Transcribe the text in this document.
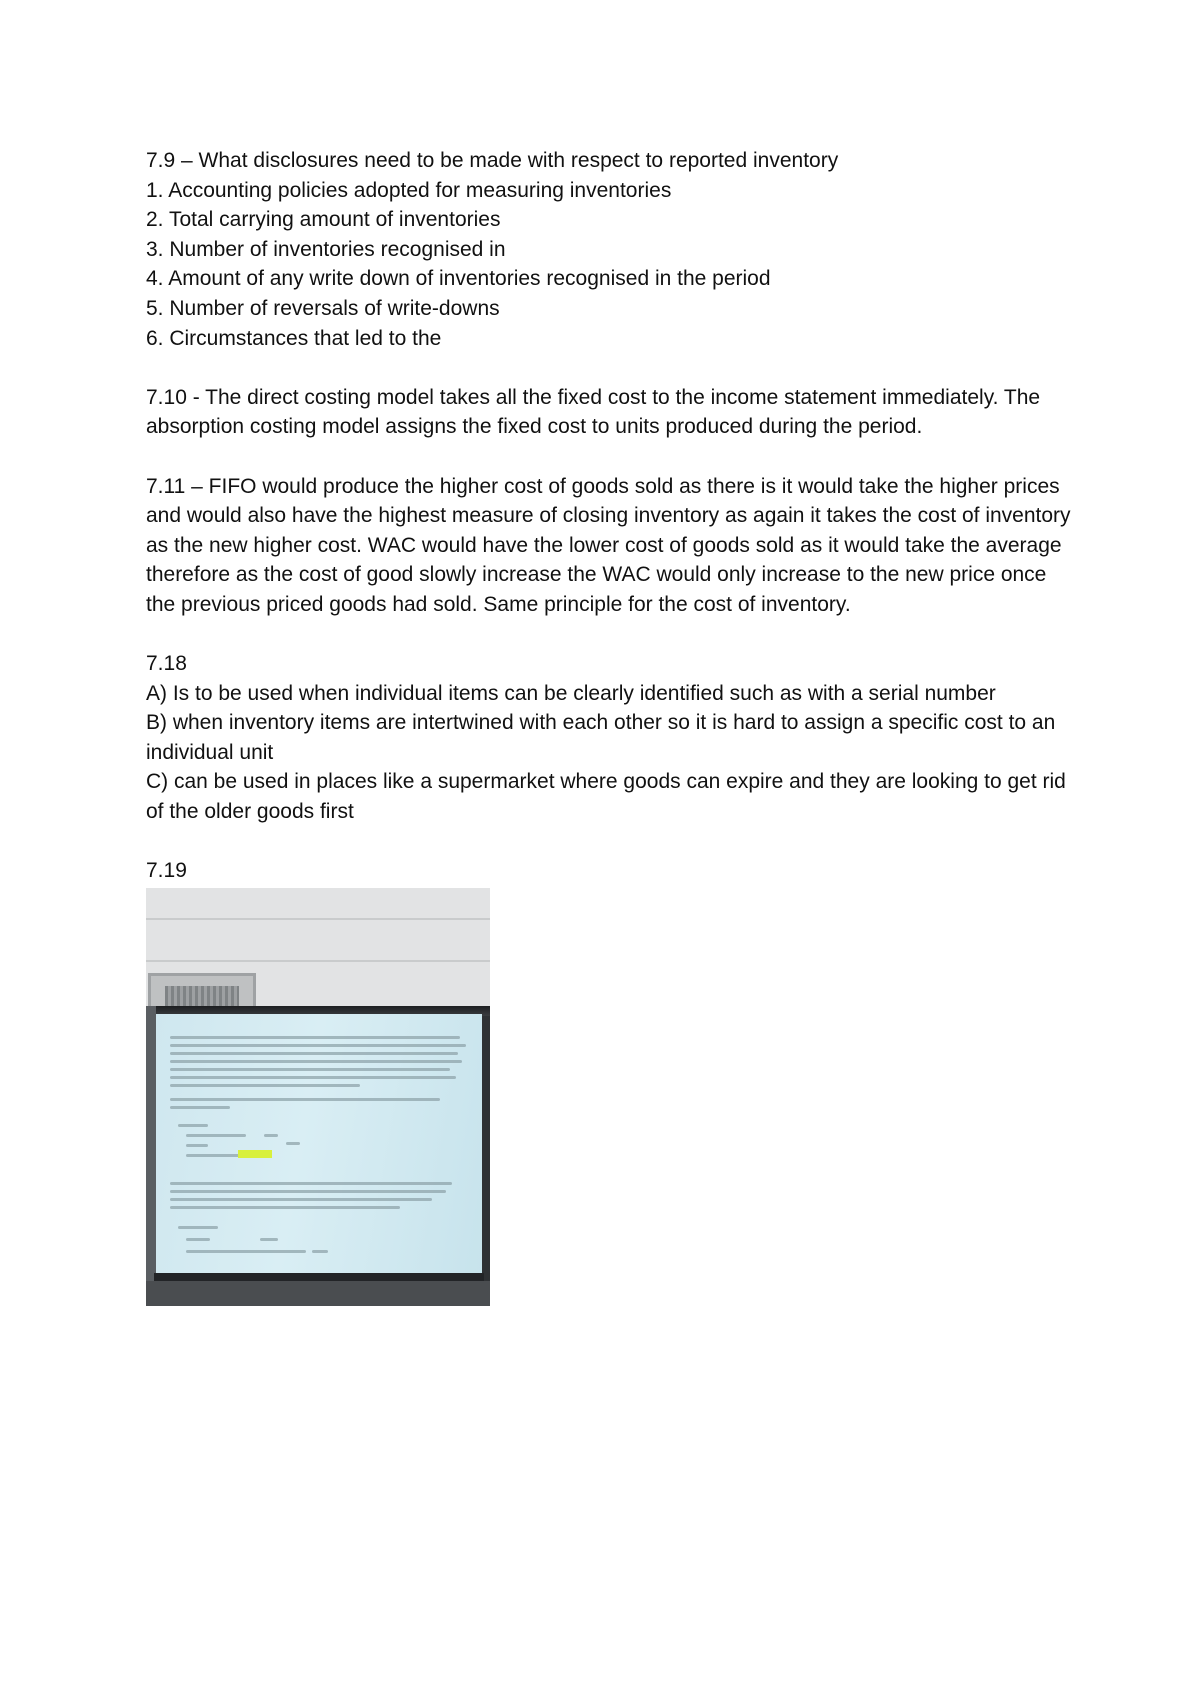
7.9 – What disclosures need to be made with respect to reported inventory
1. Accounting policies adopted for measuring inventories
2. Total carrying amount of inventories
3. Number of inventories recognised in
4. Amount of any write down of inventories recognised in the period
5. Number of reversals of write-downs
6. Circumstances that led to the
7.10 - The direct costing model takes all the fixed cost to the income statement immediately. The absorption costing model assigns the fixed cost to units produced during the period.
7.11 – FIFO would produce the higher cost of goods sold as there is it would take the higher prices and would also have the highest measure of closing inventory as again it takes the cost of inventory as the new higher cost. WAC would have the lower cost of goods sold as it would take the average therefore as the cost of good slowly increase the WAC would only increase to the new price once the previous priced goods had sold. Same principle for the cost of inventory.
7.18
A) Is to be used when individual items can be clearly identified such as with a serial number
B) when inventory items are intertwined with each other so it is hard to assign a specific cost to an individual unit
C) can be used in places like a supermarket where goods can expire and they are looking to get rid of the older goods first
7.19
